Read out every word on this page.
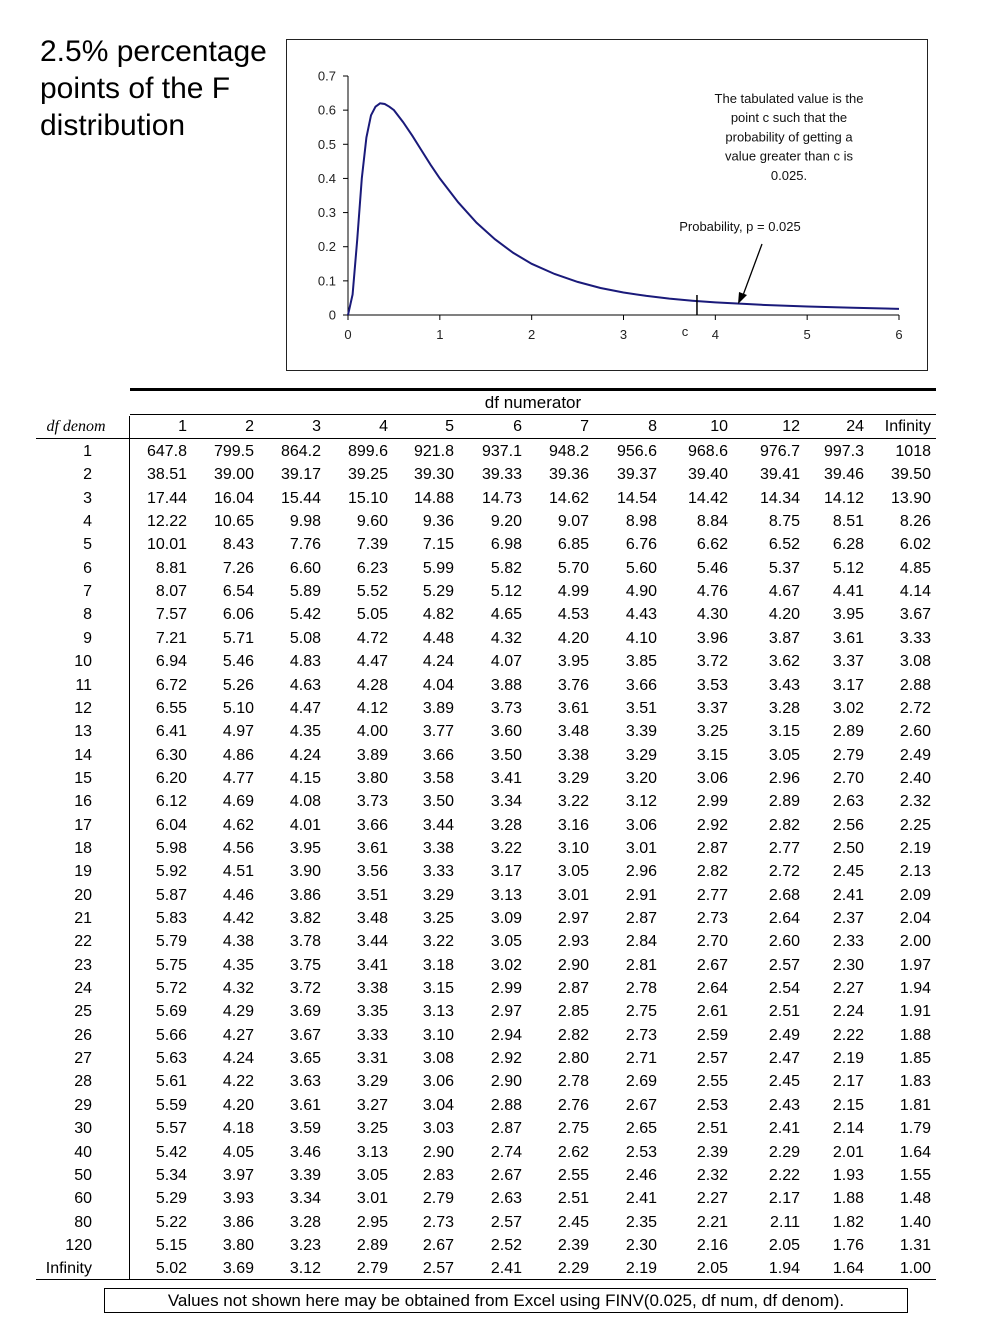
2.5% percentage points of the F distribution
0
0.1
0.2
0.3
0.4
0.5
0.6
0.7
0	1	2	3	4	5	6
c
Probability, p = 0.025
The tabulated value is the
point c such that the
probability of getting a
value greater than c is
0.025.
df numerator
df denom	1	2	3	4	5	6	7	8	10	12	24	Infinity
1	647.8	799.5	864.2	899.6	921.8	937.1	948.2	956.6	968.6	976.7	997.3	1018
2	38.51	39.00	39.17	39.25	39.30	39.33	39.36	39.37	39.40	39.41	39.46	39.50
3	17.44	16.04	15.44	15.10	14.88	14.73	14.62	14.54	14.42	14.34	14.12	13.90
4	12.22	10.65	9.98	9.60	9.36	9.20	9.07	8.98	8.84	8.75	8.51	8.26
5	10.01	8.43	7.76	7.39	7.15	6.98	6.85	6.76	6.62	6.52	6.28	6.02
6	8.81	7.26	6.60	6.23	5.99	5.82	5.70	5.60	5.46	5.37	5.12	4.85
7	8.07	6.54	5.89	5.52	5.29	5.12	4.99	4.90	4.76	4.67	4.41	4.14
8	7.57	6.06	5.42	5.05	4.82	4.65	4.53	4.43	4.30	4.20	3.95	3.67
9	7.21	5.71	5.08	4.72	4.48	4.32	4.20	4.10	3.96	3.87	3.61	3.33
10	6.94	5.46	4.83	4.47	4.24	4.07	3.95	3.85	3.72	3.62	3.37	3.08
11	6.72	5.26	4.63	4.28	4.04	3.88	3.76	3.66	3.53	3.43	3.17	2.88
12	6.55	5.10	4.47	4.12	3.89	3.73	3.61	3.51	3.37	3.28	3.02	2.72
13	6.41	4.97	4.35	4.00	3.77	3.60	3.48	3.39	3.25	3.15	2.89	2.60
14	6.30	4.86	4.24	3.89	3.66	3.50	3.38	3.29	3.15	3.05	2.79	2.49
15	6.20	4.77	4.15	3.80	3.58	3.41	3.29	3.20	3.06	2.96	2.70	2.40
16	6.12	4.69	4.08	3.73	3.50	3.34	3.22	3.12	2.99	2.89	2.63	2.32
17	6.04	4.62	4.01	3.66	3.44	3.28	3.16	3.06	2.92	2.82	2.56	2.25
18	5.98	4.56	3.95	3.61	3.38	3.22	3.10	3.01	2.87	2.77	2.50	2.19
19	5.92	4.51	3.90	3.56	3.33	3.17	3.05	2.96	2.82	2.72	2.45	2.13
20	5.87	4.46	3.86	3.51	3.29	3.13	3.01	2.91	2.77	2.68	2.41	2.09
21	5.83	4.42	3.82	3.48	3.25	3.09	2.97	2.87	2.73	2.64	2.37	2.04
22	5.79	4.38	3.78	3.44	3.22	3.05	2.93	2.84	2.70	2.60	2.33	2.00
23	5.75	4.35	3.75	3.41	3.18	3.02	2.90	2.81	2.67	2.57	2.30	1.97
24	5.72	4.32	3.72	3.38	3.15	2.99	2.87	2.78	2.64	2.54	2.27	1.94
25	5.69	4.29	3.69	3.35	3.13	2.97	2.85	2.75	2.61	2.51	2.24	1.91
26	5.66	4.27	3.67	3.33	3.10	2.94	2.82	2.73	2.59	2.49	2.22	1.88
27	5.63	4.24	3.65	3.31	3.08	2.92	2.80	2.71	2.57	2.47	2.19	1.85
28	5.61	4.22	3.63	3.29	3.06	2.90	2.78	2.69	2.55	2.45	2.17	1.83
29	5.59	4.20	3.61	3.27	3.04	2.88	2.76	2.67	2.53	2.43	2.15	1.81
30	5.57	4.18	3.59	3.25	3.03	2.87	2.75	2.65	2.51	2.41	2.14	1.79
40	5.42	4.05	3.46	3.13	2.90	2.74	2.62	2.53	2.39	2.29	2.01	1.64
50	5.34	3.97	3.39	3.05	2.83	2.67	2.55	2.46	2.32	2.22	1.93	1.55
60	5.29	3.93	3.34	3.01	2.79	2.63	2.51	2.41	2.27	2.17	1.88	1.48
80	5.22	3.86	3.28	2.95	2.73	2.57	2.45	2.35	2.21	2.11	1.82	1.40
120	5.15	3.80	3.23	2.89	2.67	2.52	2.39	2.30	2.16	2.05	1.76	1.31
Infinity	5.02	3.69	3.12	2.79	2.57	2.41	2.29	2.19	2.05	1.94	1.64	1.00
Values not shown here may be obtained from Excel using FINV(0.025, df num, df denom).
